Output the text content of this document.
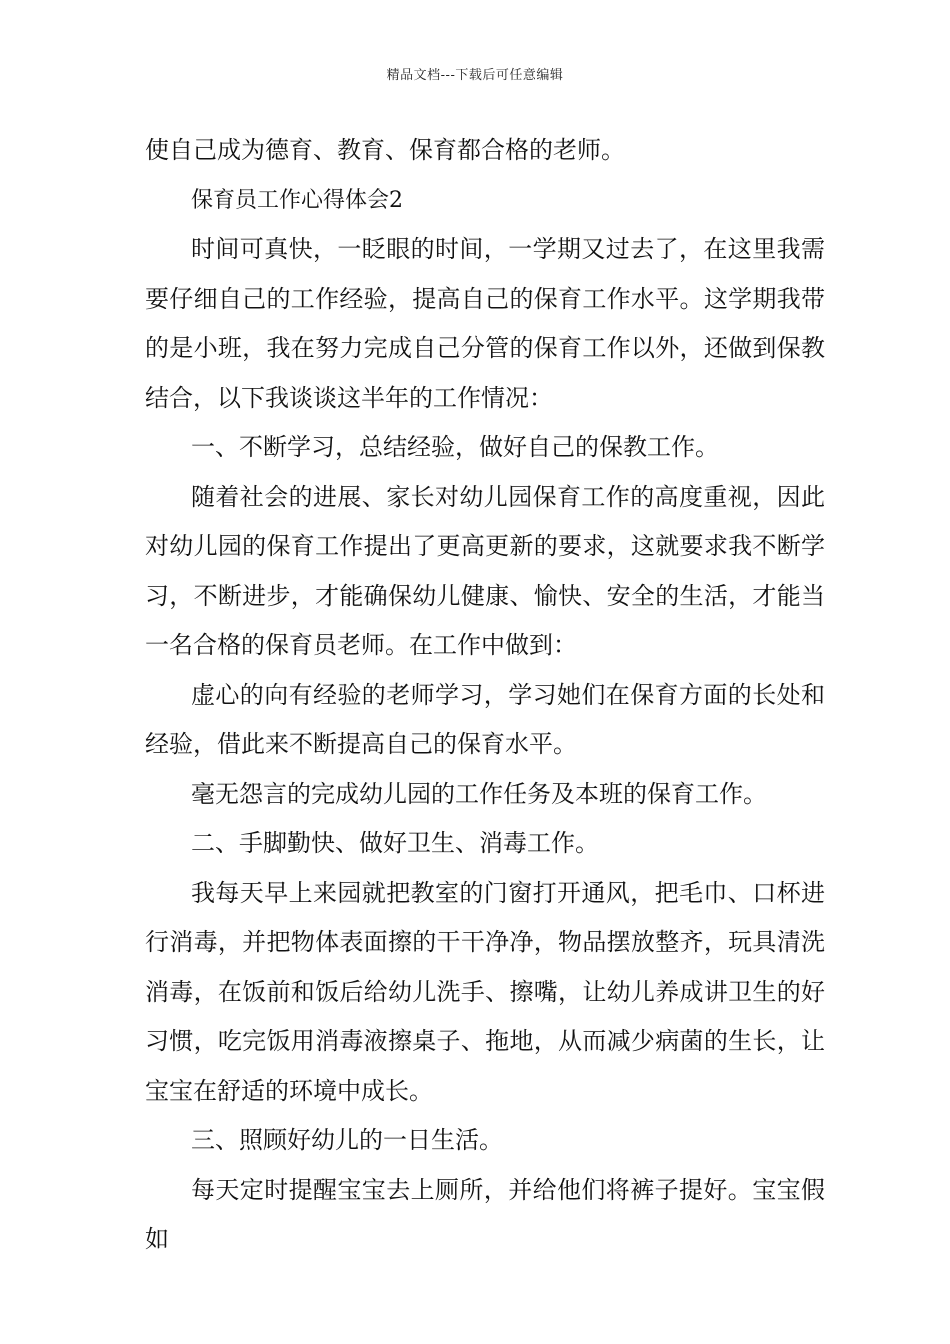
精品文档---下载后可任意编辑

使自己成为德育、教育、保育都合格的老师。

保育员工作心得体会2

时间可真快，一眨眼的时间，一学期又过去了，在这里我需要仔细自己的工作经验，提高自己的保育工作水平。这学期我带的是小班，我在努力完成自己分管的保育工作以外，还做到保教结合，以下我谈谈这半年的工作情况：

一、不断学习，总结经验，做好自己的保教工作。

随着社会的进展、家长对幼儿园保育工作的高度重视，因此对幼儿园的保育工作提出了更高更新的要求，这就要求我不断学习，不断进步，才能确保幼儿健康、愉快、安全的生活，才能当一名合格的保育员老师。在工作中做到：

虚心的向有经验的老师学习，学习她们在保育方面的长处和经验，借此来不断提高自己的保育水平。

毫无怨言的完成幼儿园的工作任务及本班的保育工作。

二、手脚勤快、做好卫生、消毒工作。

我每天早上来园就把教室的门窗打开通风，把毛巾、口杯进行消毒，并把物体表面擦的干干净净，物品摆放整齐，玩具清洗消毒，在饭前和饭后给幼儿洗手、擦嘴，让幼儿养成讲卫生的好习惯，吃完饭用消毒液擦桌子、拖地，从而减少病菌的生长，让宝宝在舒适的环境中成长。

三、照顾好幼儿的一日生活。

每天定时提醒宝宝去上厕所，并给他们将裤子提好。宝宝假如
